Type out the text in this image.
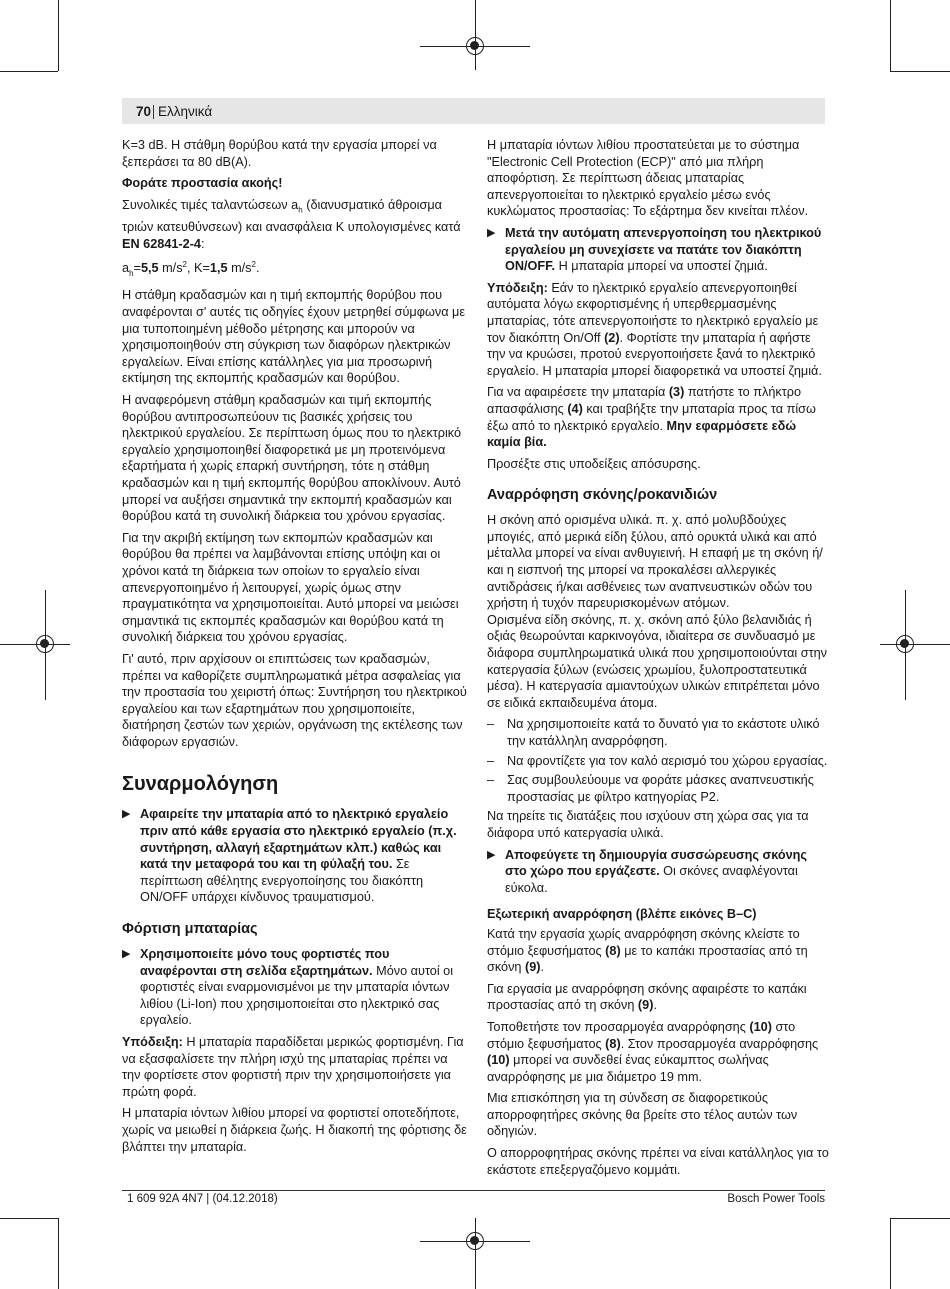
70 Ελληνικά

K=3 dB. Η στάθμη θορύβου κατά την εργασία μπορεί να ξεπεράσει τα 80 dB(A).

Φοράτε προστασία ακοής!

Συνολικές τιμές ταλαντώσεων $a_h$ (διανυσματικό άθροισμα τριών κατευθύνσεων) και ανασφάλεια K υπολογισμένες κατά EN 62841-2-4:

$a_h=5,5$ $m/s^2$, K=1,5 $m/s^2$.

Η στάθμη κραδασμών και η τιμή εκπομπής θορύβου που αναφέρονται σ' αυτές τις οδηγίες έχουν μετρηθεί σύμφωνα με μια τυποποιημένη μέθοδο μέτρησης και μπορούν να χρησιμοποιηθούν στη σύγκριση των διαφόρων ηλεκτρικών εργαλείων. Είναι επίσης κατάλληλες για μια προσωρινή εκτίμηση της εκπομπής κραδασμών και θορύβου.

Η αναφερόμενη στάθμη κραδασμών και τιμή εκπομπής θορύβου αντιπροσωπεύουν τις βασικές χρήσεις του ηλεκτρικού εργαλείου. Σε περίπτωση όμως που το ηλεκτρικό εργαλείο χρησιμοποιηθεί διαφορετικά με μη προτεινόμενα εξαρτήματα ή χωρίς επαρκή συντήρηση, τότε η στάθμη κραδασμών και η τιμή εκπομπής θορύβου αποκλίνουν. Αυτό μπορεί να αυξήσει σημαντικά την εκπομπή κραδασμών και θορύβου κατά τη συνολική διάρκεια του χρόνου εργασίας.

Για την ακριβή εκτίμηση των εκπομπών κραδασμών και θορύβου θα πρέπει να λαμβάνονται επίσης υπόψη και οι χρόνοι κατά τη διάρκεια των οποίων το εργαλείο είναι απενεργοποιημένο ή λειτουργεί, χωρίς όμως στην πραγματικότητα να χρησιμοποιείται. Αυτό μπορεί να μειώσει σημαντικά τις εκπομπές κραδασμών και θορύβου κατά τη συνολική διάρκεια του χρόνου εργασίας.

Γι' αυτό, πριν αρχίσουν οι επιπτώσεις των κραδασμών, πρέπει να καθορίζετε συμπληρωματικά μέτρα ασφαλείας για την προστασία του χειριστή όπως: Συντήρηση του ηλεκτρικού εργαλείου και των εξαρτημάτων που χρησιμοποιείτε, διατήρηση ζεστών των χεριών, οργάνωση της εκτέλεσης των διάφορων εργασιών.

Συναρμολόγηση
▶ Αφαιρείτε την μπαταρία από το ηλεκτρικό εργαλείο πριν από κάθε εργασία στο ηλεκτρικό εργαλείο (π.χ. συντήρηση, αλλαγή εξαρτημάτων κλπ.) καθώς και κατά την μεταφορά του και τη φύλαξή του. Σε περίπτωση αθέλητης ενεργοποίησης του διακόπτη ON/OFF υπάρχει κίνδυνος τραυματισμού.
Φόρτιση μπαταρίας
▶ Χρησιμοποιείτε μόνο τους φορτιστές που αναφέρονται στη σελίδα εξαρτημάτων. Μόνο αυτοί οι φορτιστές είναι εναρμονισμένοι με την μπαταρία ιόντων λιθίου (Li-Ion) που χρησιμοποιείται στο ηλεκτρικό σας εργαλείο.

Υπόδειξη: Η μπαταρία παραδίδεται μερικώς φορτισμένη. Για να εξασφαλίσετε την πλήρη ισχύ της μπαταρίας πρέπει να την φορτίσετε στον φορτιστή πριν την χρησιμοποιήσετε για πρώτη φορά.

Η μπαταρία ιόντων λιθίου μπορεί να φορτιστεί οποτεδήποτε, χωρίς να μειωθεί η διάρκεια ζωής. Η διακοπή της φόρτισης δε βλάπτει την μπαταρία.

Η μπαταρία ιόντων λιθίου προστατεύεται με το σύστημα "Electronic Cell Protection (ECP)" από μια πλήρη αποφόρτιση. Σε περίπτωση άδειας μπαταρίας απενεργοποιείται το ηλεκτρικό εργαλείο μέσω ενός κυκλώματος προστασίας: Το εξάρτημα δεν κινείται πλέον.

▶ Μετά την αυτόματη απενεργοποίηση του ηλεκτρικού εργαλείου μη συνεχίσετε να πατάτε τον διακόπτη ON/OFF. Η μπαταρία μπορεί να υποστεί ζημιά.

Υπόδειξη: Εάν το ηλεκτρικό εργαλείο απενεργοποιηθεί αυτόματα λόγω εκφορτισμένης ή υπερθερμασμένης μπαταρίας, τότε απενεργοποιήστε το ηλεκτρικό εργαλείο με τον διακόπτη On/Off (2). Φορτίστε την μπαταρία ή αφήστε την να κρυώσει, προτού ενεργοποιήσετε ξανά το ηλεκτρικό εργαλείο. Η μπαταρία μπορεί διαφορετικά να υποστεί ζημιά.

Για να αφαιρέσετε την μπαταρία (3) πατήστε το πλήκτρο απασφάλισης (4) και τραβήξτε την μπαταρία προς τα πίσω έξω από το ηλεκτρικό εργαλείο. Μην εφαρμόσετε εδώ καμία βία.

Προσέξτε στις υποδείξεις απόσυρσης.

Αναρρόφηση σκόνης/ροκανιδιών

Η σκόνη από ορισμένα υλικά. π. χ. από μολυβδούχες μπογιές, από μερικά είδη ξύλου, από ορυκτά υλικά και από μέταλλα μπορεί να είναι ανθυγιεινή. Η επαφή με τη σκόνη ή/και η εισπνοή της μπορεί να προκαλέσει αλλεργικές αντιδράσεις ή/και ασθένειες των αναπνευστικών οδών του χρήστη ή τυχόν παρευρισκομένων ατόμων.

Ορισμένα είδη σκόνης, π. χ. σκόνη από ξύλο βελανιδιάς ή οξιάς θεωρούνται καρκινογόνα, ιδιαίτερα σε συνδυασμό με διάφορα συμπληρωματικά υλικά που χρησιμοποιούνται στην κατεργασία ξύλων (ενώσεις χρωμίου, ξυλοπροστατευτικά μέσα). Η κατεργασία αμιαντούχων υλικών επιτρέπεται μόνο σε ειδικά εκπαιδευμένα άτομα.

– Να χρησιμοποιείτε κατά το δυνατό για το εκάστοτε υλικό την κατάλληλη αναρρόφηση.
– Να φροντίζετε για τον καλό αερισμό του χώρου εργασίας.
– Σας συμβουλεύουμε να φοράτε μάσκες αναπνευστικής προστασίας με φίλτρο κατηγορίας P2.

Να τηρείτε τις διατάξεις που ισχύουν στη χώρα σας για τα διάφορα υπό κατεργασία υλικά.

▶ Αποφεύγετε τη δημιουργία συσσώρευσης σκόνης στο χώρο που εργάζεστε. Οι σκόνες αναφλέγονται εύκολα.
Εξωτερική αναρρόφηση (βλέπε εικόνες B–C)

Κατά την εργασία χωρίς αναρρόφηση σκόνης κλείστε το στόμιο ξεφυσήματος (8) με το καπάκι προστασίας από τη σκόνη (9).

Για εργασία με αναρρόφηση σκόνης αφαιρέστε το καπάκι προστασίας από τη σκόνη (9).

Τοποθετήστε τον προσαρμογέα αναρρόφησης (10) στο στόμιο ξεφυσήματος (8). Στον προσαρμογέα αναρρόφησης (10) μπορεί να συνδεθεί ένας εύκαμπτος σωλήνας αναρρόφησης με μια διάμετρο 19 mm.

Μια επισκόπηση για τη σύνδεση σε διαφορετικούς απορροφητήρες σκόνης θα βρείτε στο τέλος αυτών των οδηγιών.

Ο απορροφητήρας σκόνης πρέπει να είναι κατάλληλος για το εκάστοτε επεξεργαζόμενο κομμάτι.

1 609 92A 4N7 | (04.12.2018)	Bosch Power Tools
